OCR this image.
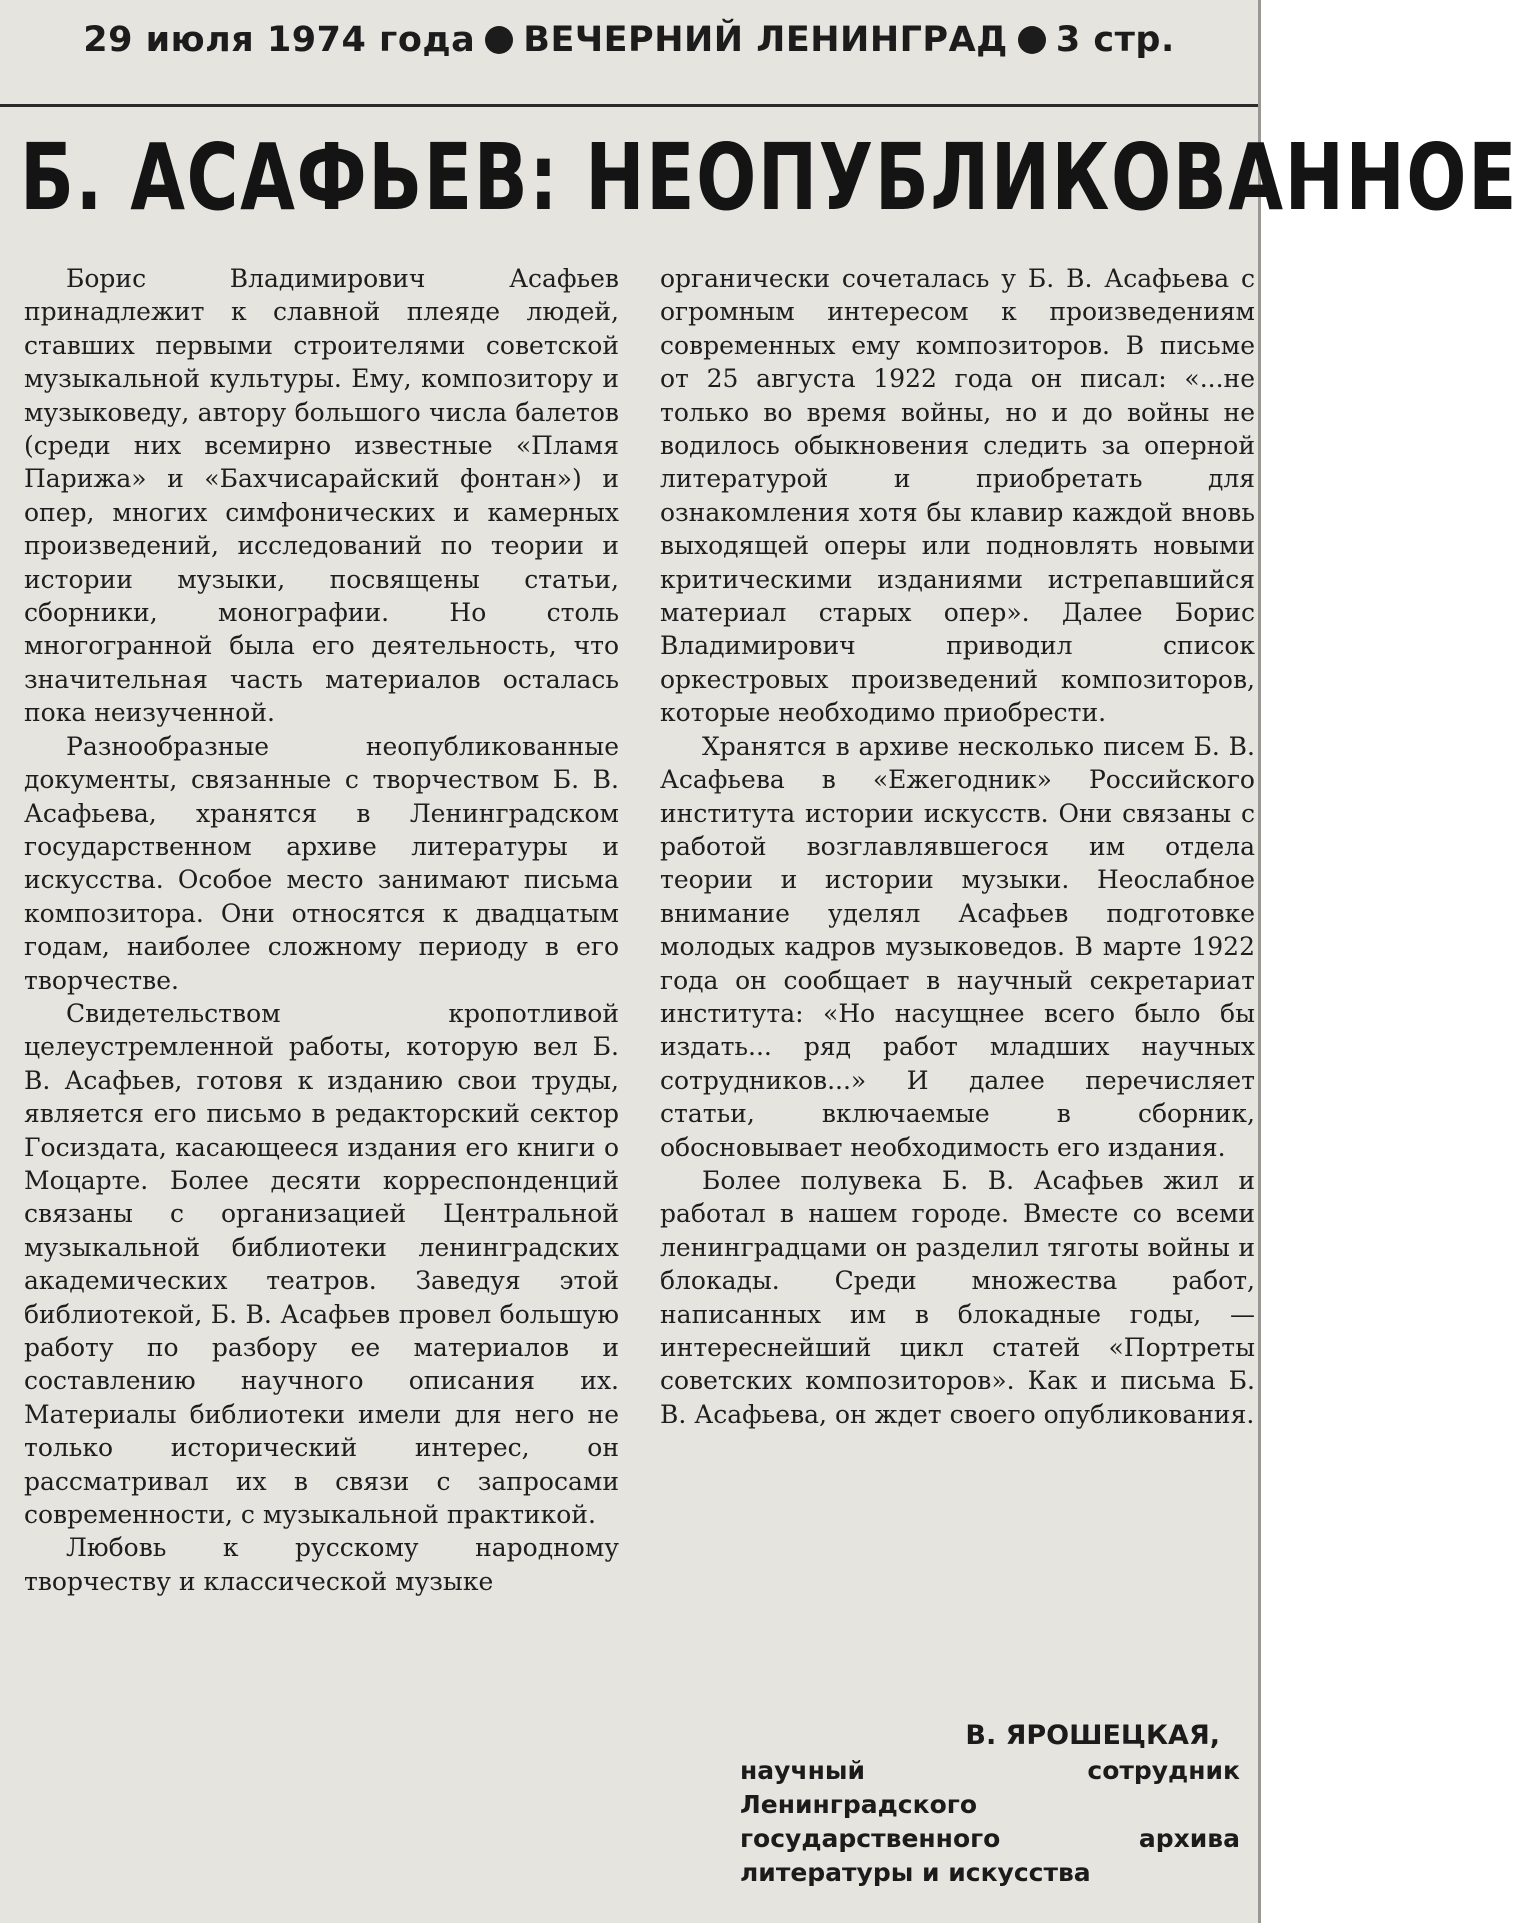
29 июля 1974 года ВЕЧЕРНИЙ ЛЕНИНГРАД 3 стр.
Б. АСАФЬЕВ: НЕОПУБЛИКОВАННОЕ

Борис Владимирович Асафьев принадлежит к славной плеяде людей, ставших первыми строителями советской музыкальной культуры. Ему, композитору и музыковеду, автору большого числа балетов (среди них всемирно известные «Пламя Парижа» и «Бахчисарайский фонтан») и опер, многих симфонических и камерных произведений, исследований по теории и истории музыки, посвящены статьи, сборники, монографии. Но столь многогранной была его деятельность, что значительная часть материалов осталась пока неизученной.

Разнообразные неопубликованные документы, связанные с творчеством Б. В. Асафьева, хранятся в Ленинградском государственном архиве литературы и искусства. Особое место занимают письма композитора. Они относятся к двадцатым годам, наиболее сложному периоду в его творчестве.

Свидетельством кропотливой целеустремленной работы, которую вел Б. В. Асафьев, готовя к изданию свои труды, является его письмо в редакторский сектор Госиздата, касающееся издания его книги о Моцарте. Более десяти корреспонденций связаны с организацией Центральной музыкальной библиотеки ленинградских академических театров. Заведуя этой библиотекой, Б. В. Асафьев провел большую работу по разбору ее материалов и составлению научного описания их. Материалы библиотеки имели для него не только исторический интерес, он рассматривал их в связи с запросами современности, с музыкальной практикой.

Любовь к русскому народному творчеству и классической музыке

органически сочеталась у Б. В. Асафьева с огромным интересом к произведениям современных ему композиторов. В письме от 25 августа 1922 года он писал: «...не только во время войны, но и до войны не водилось обыкновения следить за оперной литературой и приобретать для ознакомления хотя бы клавир каждой вновь выходящей оперы или подновлять новыми критическими изданиями истрепавшийся материал старых опер». Далее Борис Владимирович приводил список оркестровых произведений композиторов, которые необходимо приобрести.

Хранятся в архиве несколько писем Б. В. Асафьева в «Ежегодник» Российского института истории искусств. Они связаны с работой возглавлявшегося им отдела теории и истории музыки. Неослабное внимание уделял Асафьев подготовке молодых кадров музыковедов. В марте 1922 года он сообщает в научный секретариат института: «Но насущнее всего было бы издать... ряд работ младших научных сотрудников...» И далее перечисляет статьи, включаемые в сборник, обосновывает необходимость его издания.

Более полувека Б. В. Асафьев жил и работал в нашем городе. Вместе со всеми ленинградцами он разделил тяготы войны и блокады. Среди множества работ, написанных им в блокадные годы, — интереснейший цикл статей «Портреты советских композиторов». Как и письма Б. В. Асафьева, он ждет своего опубликования.

В. ЯРОШЕЦКАЯ,
научный сотрудник Ленинградского государственного архива литературы и искусства
